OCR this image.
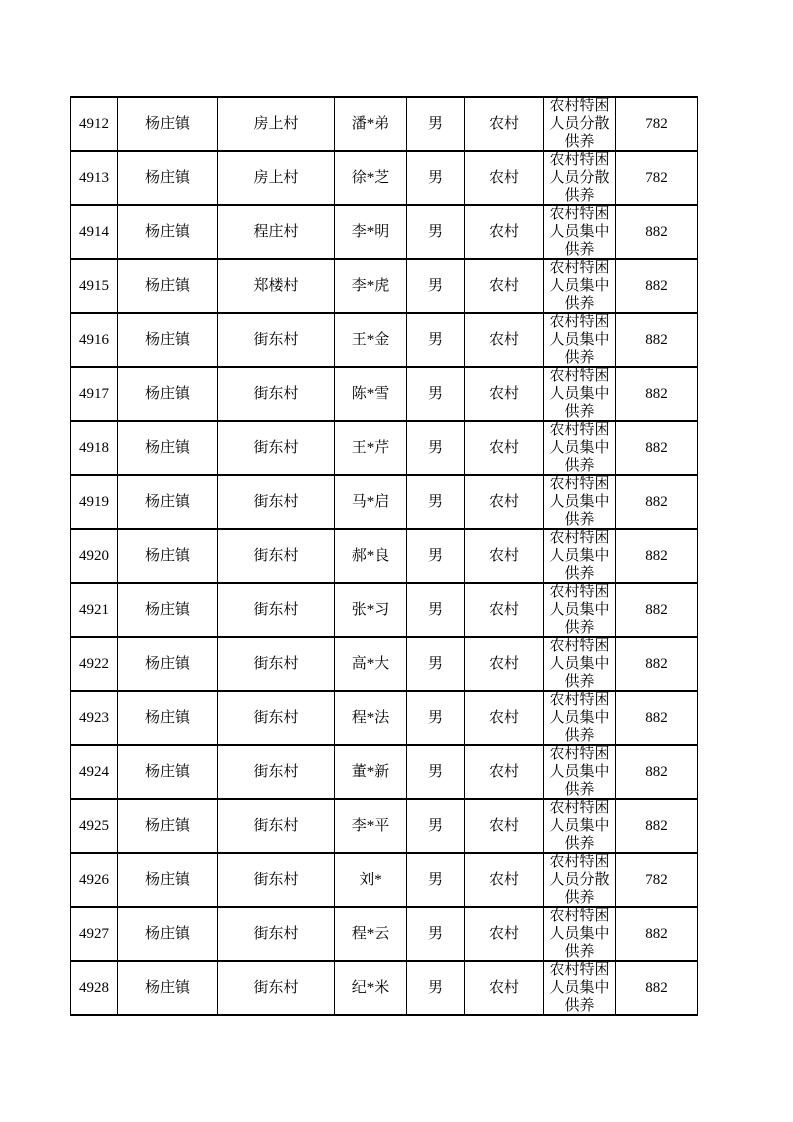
4912	杨庄镇	房上村	潘*弟	男	农村	农村特困人员分散供养	782
4913	杨庄镇	房上村	徐*芝	男	农村	农村特困人员分散供养	782
4914	杨庄镇	程庄村	李*明	男	农村	农村特困人员集中供养	882
4915	杨庄镇	郑楼村	李*虎	男	农村	农村特困人员集中供养	882
4916	杨庄镇	街东村	王*金	男	农村	农村特困人员集中供养	882
4917	杨庄镇	街东村	陈*雪	男	农村	农村特困人员集中供养	882
4918	杨庄镇	街东村	王*芹	男	农村	农村特困人员集中供养	882
4919	杨庄镇	街东村	马*启	男	农村	农村特困人员集中供养	882
4920	杨庄镇	街东村	郝*良	男	农村	农村特困人员集中供养	882
4921	杨庄镇	街东村	张*习	男	农村	农村特困人员集中供养	882
4922	杨庄镇	街东村	高*大	男	农村	农村特困人员集中供养	882
4923	杨庄镇	街东村	程*法	男	农村	农村特困人员集中供养	882
4924	杨庄镇	街东村	董*新	男	农村	农村特困人员集中供养	882
4925	杨庄镇	街东村	李*平	男	农村	农村特困人员集中供养	882
4926	杨庄镇	街东村	刘*	男	农村	农村特困人员分散供养	782
4927	杨庄镇	街东村	程*云	男	农村	农村特困人员集中供养	882
4928	杨庄镇	街东村	纪*米	男	农村	农村特困人员集中供养	882
